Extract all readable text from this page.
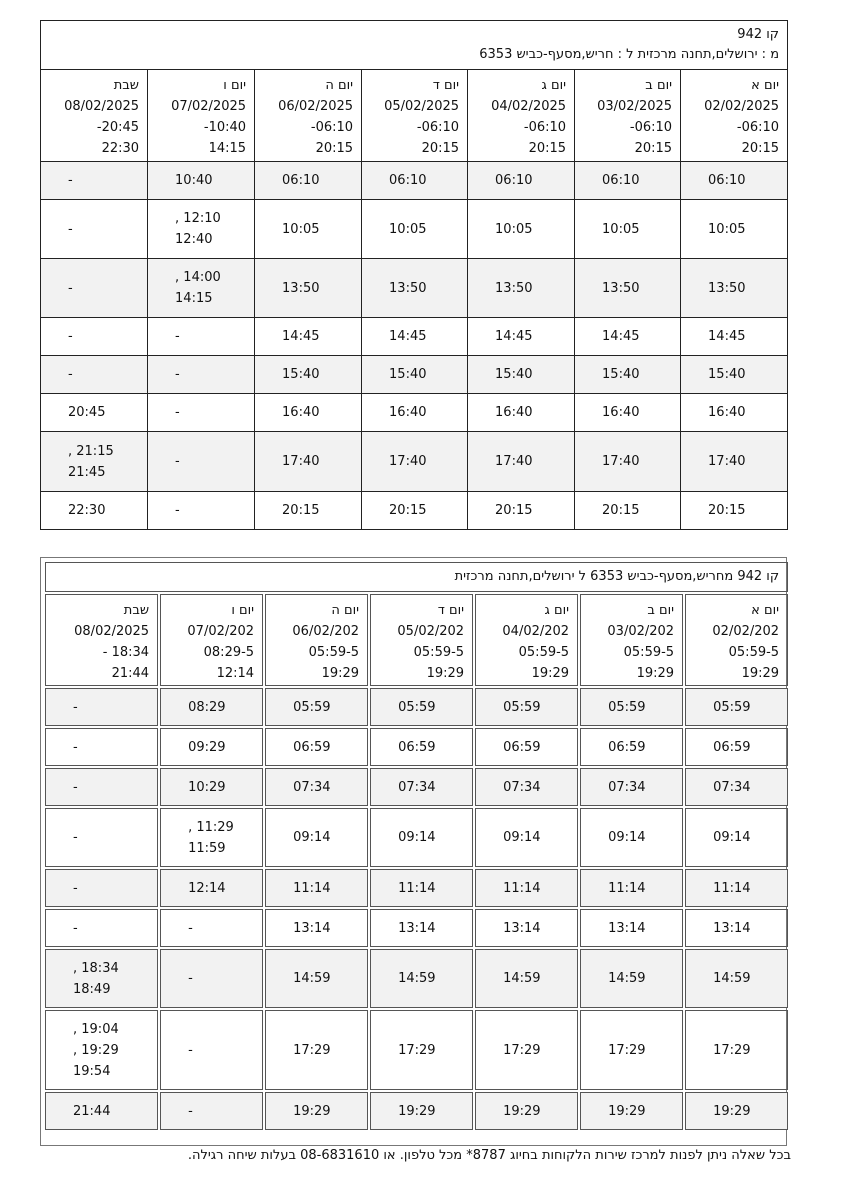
קו 942
מ : ירושלים,תחנה מרכזית ל : חריש,מסעף-כביש 6353						

יום א
02/02/2025
06:10-
20:15	יום ב
03/02/2025
06:10-
20:15	יום ג
04/02/2025
06:10-
20:15	יום ד
05/02/2025
06:10-
20:15	יום ה
06/02/2025
06:10-
20:15	יום ו
07/02/2025
10:40-
14:15	שבת
08/02/2025
20:45-
22:30

06:10	06:10	06:10	06:10	06:10	10:40	-

10:05	10:05	10:05	10:05	10:05	12:10 ,
12:40	-

13:50	13:50	13:50	13:50	13:50	14:00 ,
14:15	-

14:45	14:45	14:45	14:45	14:45	-	-

15:40	15:40	15:40	15:40	15:40	-	-

16:40	16:40	16:40	16:40	16:40	-	20:45

17:40	17:40	17:40	17:40	17:40	-	21:15 ,
21:45

20:15	20:15	20:15	20:15	20:15	-	22:30
קו 942 מחריש,מסעף-כביש 6353 ל ירושלים,תחנה מרכזית						

יום א
02/02/202
05:59-5
19:29	יום ב
03/02/202
05:59-5
19:29	יום ג
04/02/202
05:59-5
19:29	יום ד
05/02/202
05:59-5
19:29	יום ה
06/02/202
05:59-5
19:29	יום ו
07/02/202
08:29-5
12:14	שבת
08/02/2025
18:34 -
21:44

05:59	05:59	05:59	05:59	05:59	08:29	-

06:59	06:59	06:59	06:59	06:59	09:29	-

07:34	07:34	07:34	07:34	07:34	10:29	-

09:14	09:14	09:14	09:14	09:14	11:29 ,
11:59	-

11:14	11:14	11:14	11:14	11:14	12:14	-

13:14	13:14	13:14	13:14	13:14	-	-

14:59	14:59	14:59	14:59	14:59	-	18:34 ,
18:49

17:29	17:29	17:29	17:29	17:29	-	19:04 ,
19:29 ,
19:54

19:29	19:29	19:29	19:29	19:29	-	21:44
בכל שאלה ניתן לפנות למרכז שירות הלקוחות בחיוג 8787* מכל טלפון. או 08-6831610 בעלות שיחה רגילה.
